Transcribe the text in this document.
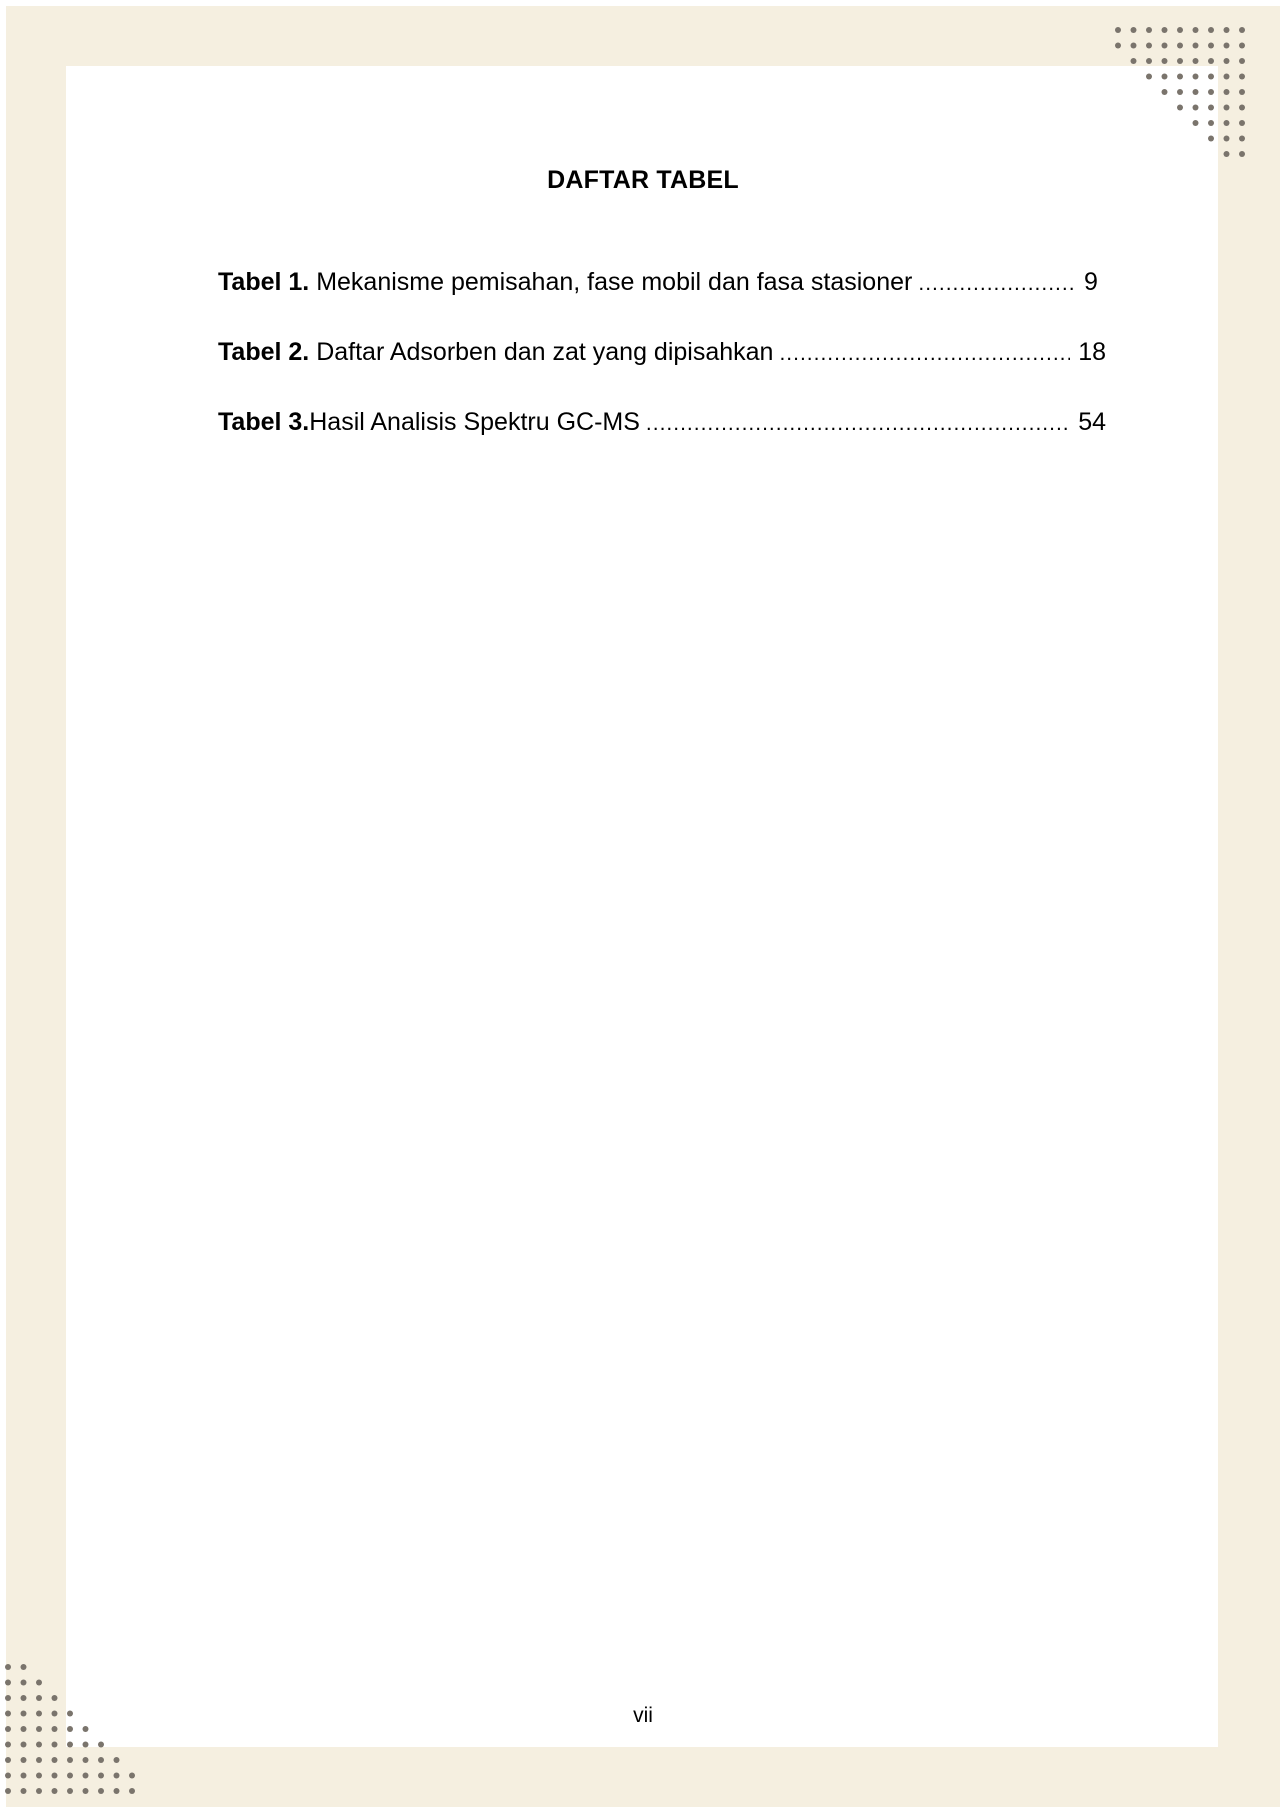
DAFTAR TABEL
Tabel 1. Mekanisme pemisahan, fase mobil dan fasa stasioner .....	9
Tabel 2. Daftar Adsorben dan zat yang dipisahkan .....	18
Tabel 3.Hasil Analisis Spektru GC-MS .....	54
vii
